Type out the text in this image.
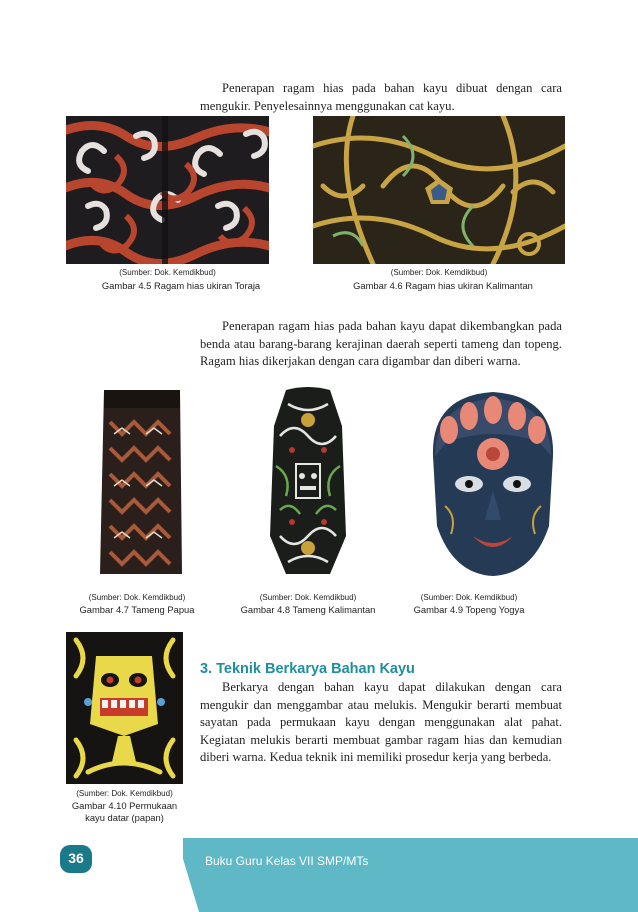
Penerapan ragam hias pada bahan kayu dibuat dengan cara mengukir. Penyelesainnya menggunakan cat kayu.

(Sumber: Dok. Kemdikbud)
Gambar 4.5 Ragam hias ukiran Toraja
(Sumber: Dok. Kemdikbud)
Gambar 4.6 Ragam hias ukiran Kalimantan

Penerapan ragam hias pada bahan kayu dapat dikembangkan pada benda atau barang-barang kerajinan daerah seperti tameng dan topeng. Ragam hias dikerjakan dengan cara digambar dan diberi warna.

(Sumber: Dok. Kemdikbud)
Gambar 4.7 Tameng Papua
(Sumber: Dok. Kemdikbud)
Gambar 4.8 Tameng Kalimantan
(Sumber: Dok. Kemdikbud)
Gambar 4.9 Topeng Yogya
(Sumber: Dok. Kemdikbud)
Gambar 4.10 Permukaan
kayu datar (papan)
3. Teknik Berkarya Bahan Kayu

Berkarya dengan bahan kayu dapat dilakukan dengan cara mengukir dan menggambar atau melukis. Mengukir berarti membuat sayatan pada permukaan kayu dengan menggunakan alat pahat. Kegiatan melukis berarti membuat gambar ragam hias dan kemudian diberi warna. Kedua teknik ini memiliki prosedur kerja yang berbeda.

Buku Guru Kelas VII SMP/MTs
36
